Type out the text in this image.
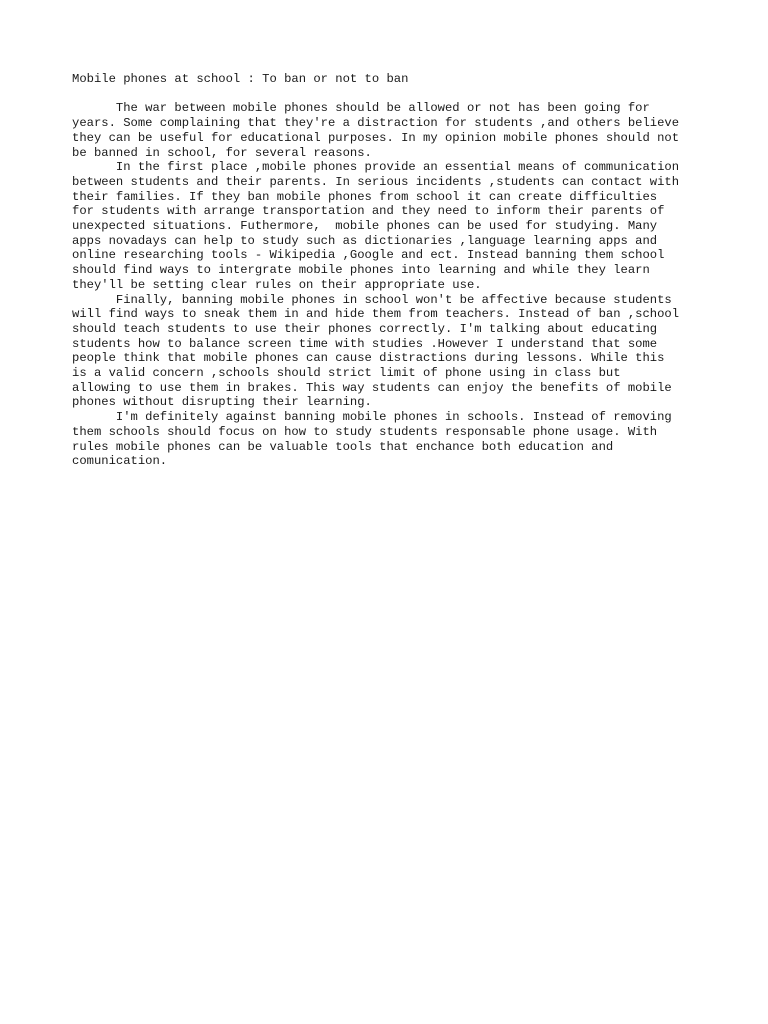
Mobile phones at school : To ban or not to ban
The war between mobile phones should be allowed or not has been going for
years. Some complaining that they're a distraction for students ,and others believe
they can be useful for educational purposes. In my opinion mobile phones should not
be banned in school, for several reasons.
In the first place ,mobile phones provide an essential means of communication
between students and their parents. In serious incidents ,students can contact with
their families. If they ban mobile phones from school it can create difficulties
for students with arrange transportation and they need to inform their parents of
unexpected situations. Futhermore,  mobile phones can be used for studying. Many
apps novadays can help to study such as dictionaries ,language learning apps and
online researching tools - Wikipedia ,Google and ect. Instead banning them school
should find ways to intergrate mobile phones into learning and while they learn
they'll be setting clear rules on their appropriate use.
Finally, banning mobile phones in school won't be affective because students
will find ways to sneak them in and hide them from teachers. Instead of ban ,school
should teach students to use their phones correctly. I'm talking about educating
students how to balance screen time with studies .However I understand that some
people think that mobile phones can cause distractions during lessons. While this
is a valid concern ,schools should strict limit of phone using in class but
allowing to use them in brakes. This way students can enjoy the benefits of mobile
phones without disrupting their learning.
I'm definitely against banning mobile phones in schools. Instead of removing
them schools should focus on how to study students responsable phone usage. With
rules mobile phones can be valuable tools that enchance both education and
comunication.
